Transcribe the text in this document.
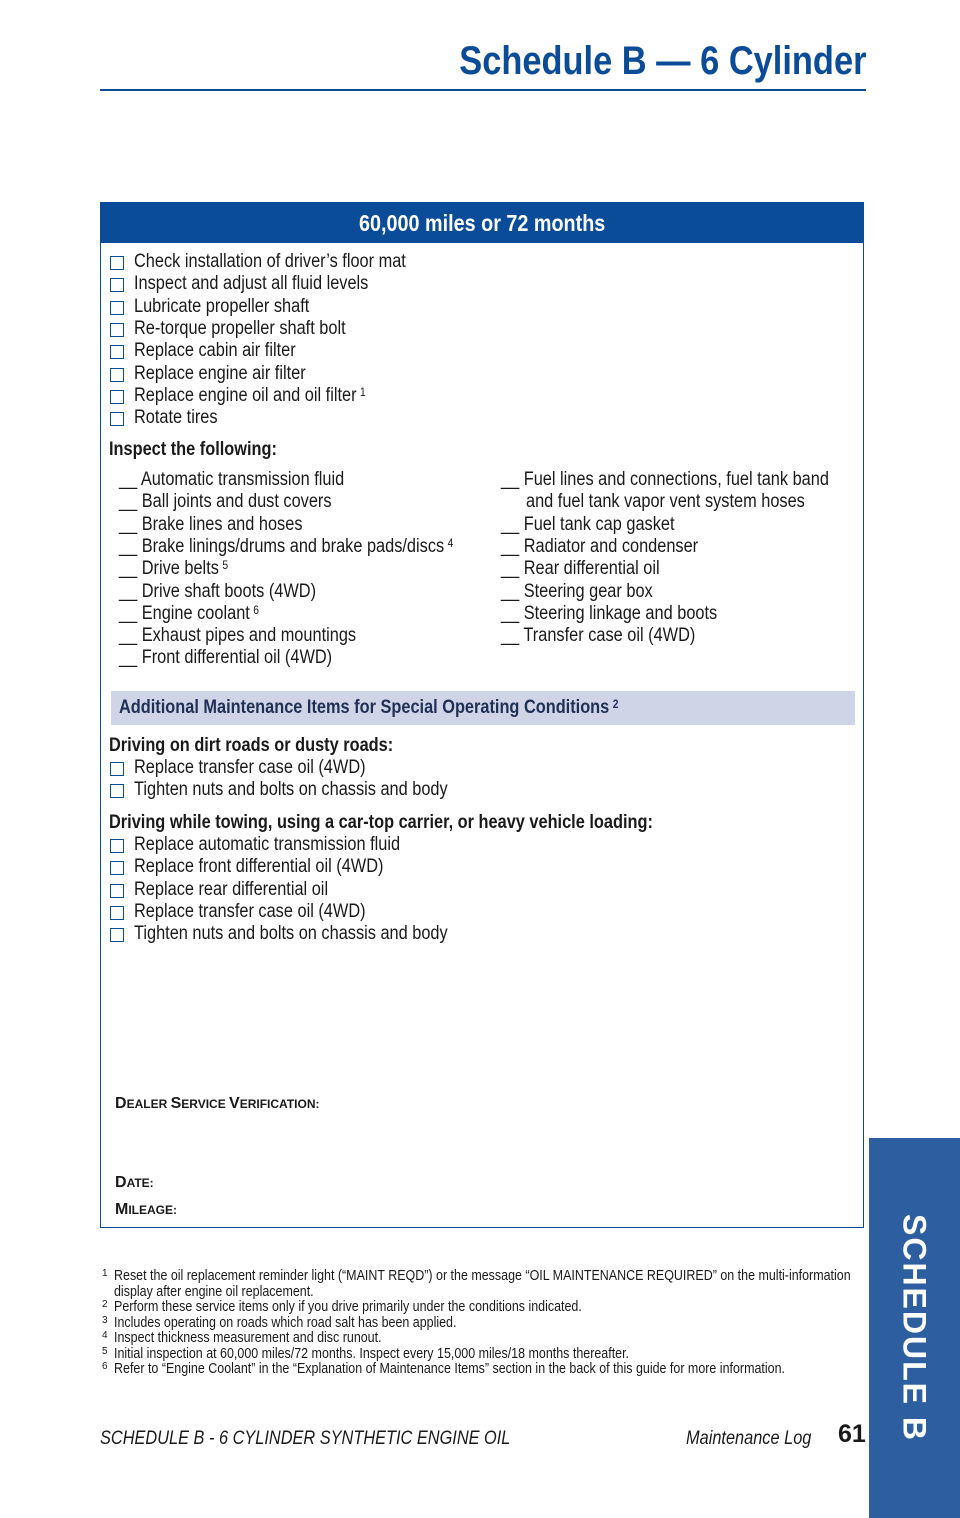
Schedule B — 6 Cylinder
60,000 miles or 72 months
Check installation of driver’s floor mat
Inspect and adjust all fluid levels
Lubricate propeller shaft
Re-torque propeller shaft bolt
Replace cabin air filter
Replace engine air filter
Replace engine oil and oil filter $^1$
Rotate tires
Inspect the following:
__ Automatic transmission fluid
__ Ball joints and dust covers
__ Brake lines and hoses
__ Brake linings/drums and brake pads/discs $^4$
__ Drive belts $^5$
__ Drive shaft boots (4WD)
__ Engine coolant $^6$
__ Exhaust pipes and mountings
__ Front differential oil (4WD)
__ Fuel lines and connections, fuel tank band
and fuel tank vapor vent system hoses
__ Fuel tank cap gasket
__ Radiator and condenser
__ Rear differential oil
__ Steering gear box
__ Steering linkage and boots
__ Transfer case oil (4WD)
Additional Maintenance Items for Special Operating Conditions $^2$
Driving on dirt roads or dusty roads:
Replace transfer case oil (4WD)
Tighten nuts and bolts on chassis and body
Driving while towing, using a car-top carrier, or heavy vehicle loading:
Replace automatic transmission fluid
Replace front differential oil (4WD)
Replace rear differential oil
Replace transfer case oil (4WD)
Tighten nuts and bolts on chassis and body
DEALER SERVICE VERIFICATION:
DATE:
MILEAGE:
1 Reset the oil replacement reminder light (“MAINT REQD”) or the message “OIL MAINTENANCE REQUIRED” on the multi-information display after engine oil replacement.
2 Perform these service items only if you drive primarily under the conditions indicated.
3 Includes operating on roads which road salt has been applied.
4 Inspect thickness measurement and disc runout.
5 Initial inspection at 60,000 miles/72 months. Inspect every 15,000 miles/18 months thereafter.
6 Refer to “Engine Coolant” in the “Explanation of Maintenance Items” section in the back of this guide for more information.
SCHEDULE B - 6 CYLINDER SYNTHETIC ENGINE OIL	Maintenance Log	61 SCHEDULE B
